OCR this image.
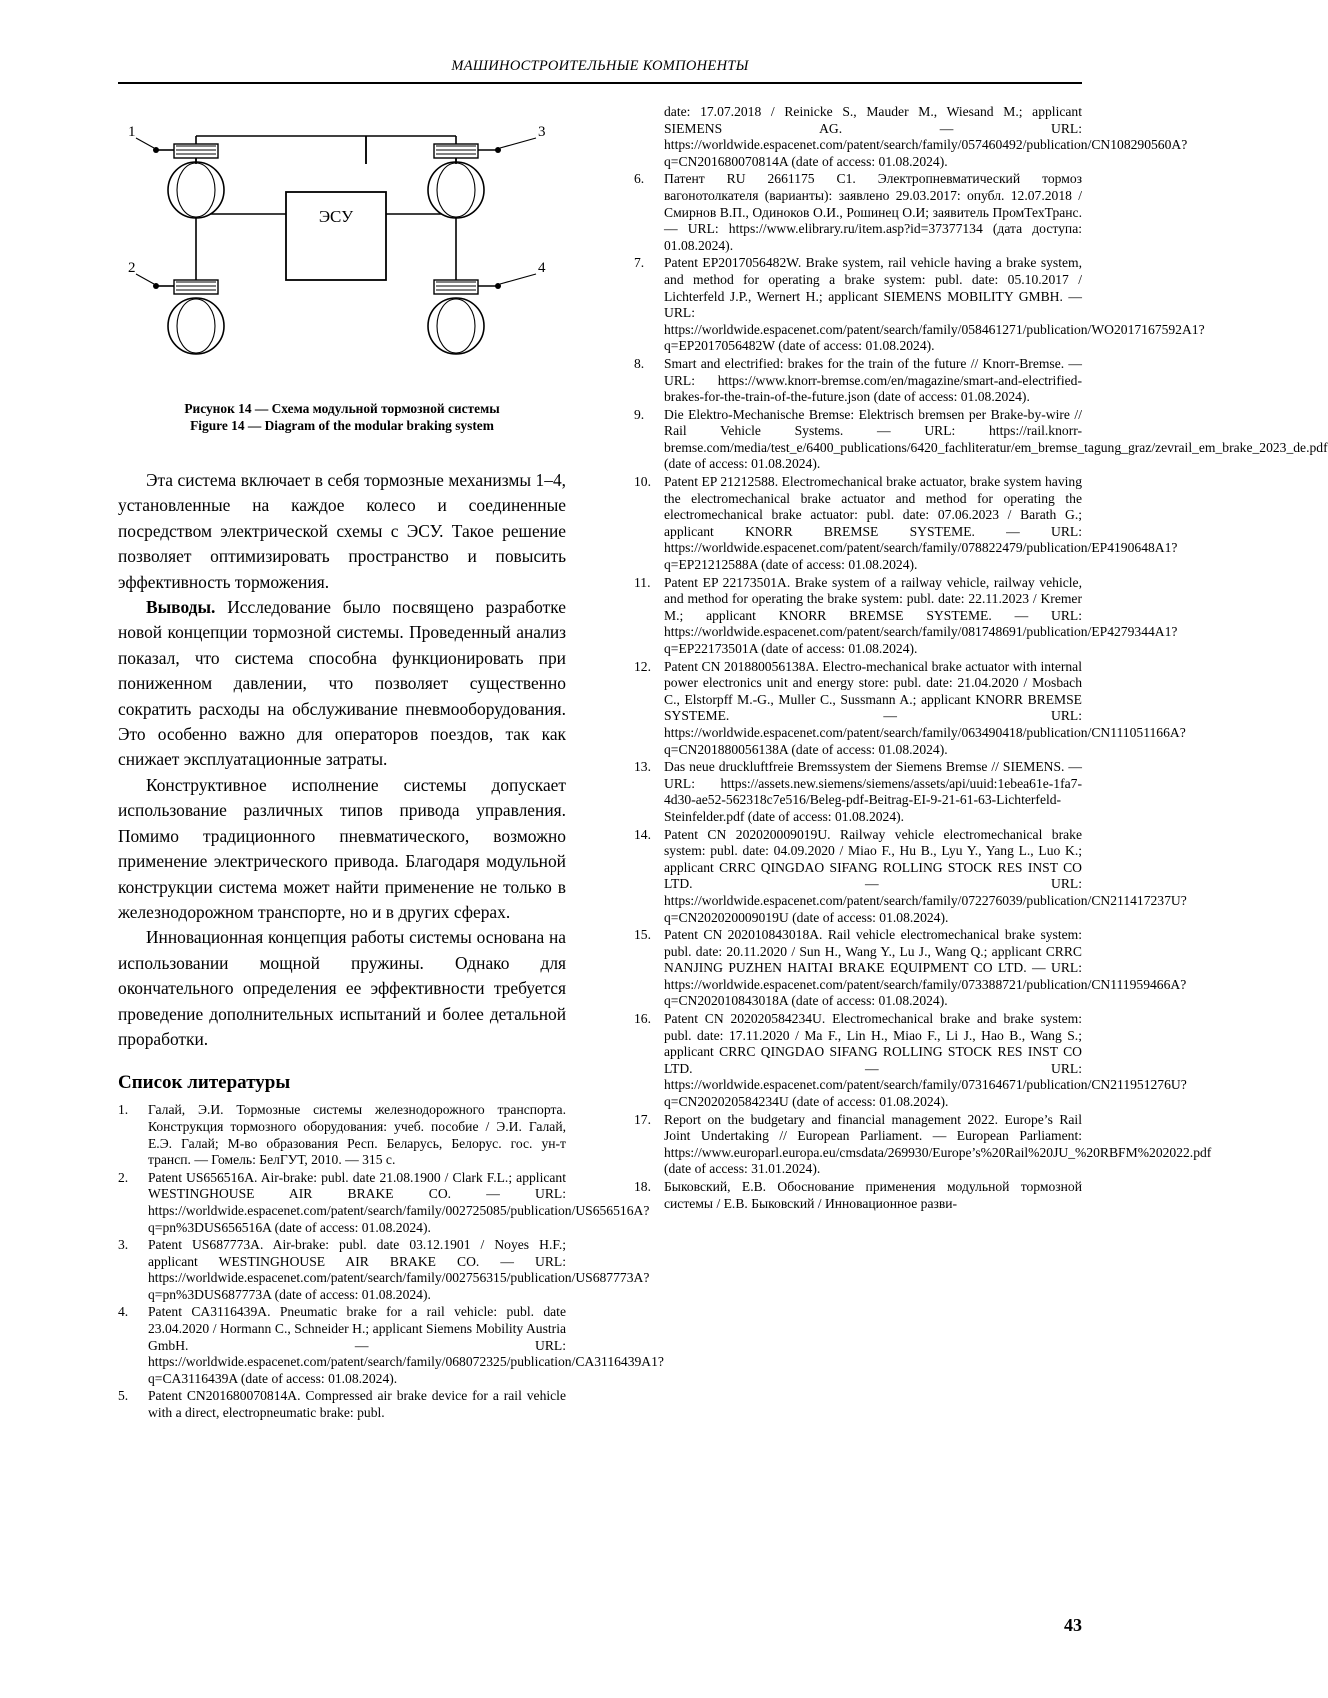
МАШИНОСТРОИТЕЛЬНЫЕ КОМПОНЕНТЫ
ЭСУ
1
2
3
4
Рисунок 14 — Схема модульной тормозной системы
Figure 14 — Diagram of the modular braking system

Эта система включает в себя тормозные механизмы 1–4, установленные на каждое колесо и соединенные посредством электрической схемы с ЭСУ. Такое решение позволяет оптимизировать пространство и повысить эффективность торможения.

Выводы. Исследование было посвящено разработке новой концепции тормозной системы. Проведенный анализ показал, что система способна функционировать при пониженном давлении, что позволяет существенно сократить расходы на обслуживание пневмооборудования. Это особенно важно для операторов поездов, так как снижает эксплуатационные затраты.

Конструктивное исполнение системы допускает использование различных типов привода управления. Помимо традиционного пневматического, возможно применение электрического привода. Благодаря модульной конструкции система может найти применение не только в железнодорожном транспорте, но и в других сферах.

Инновационная концепция работы системы основана на использовании мощной пружины. Однако для окончательного определения ее эффективности требуется проведение дополнительных испытаний и более детальной проработки.

Список литературы
1.	Галай, Э.И. Тормозные системы железнодорожного транспорта. Конструкция тормозного оборудования: учеб. пособие / Э.И. Галай, Е.Э. Галай; М-во образования Респ. Беларусь, Белорус. гос. ун-т трансп. — Гомель: БелГУТ, 2010. — 315 с.
2.	Patent US656516A. Air-brake: publ. date 21.08.1900 / Clark F.L.; applicant WESTINGHOUSE AIR BRAKE CO. — URL: https://worldwide.espacenet.com/patent/search/family/002725085/publication/US656516A?q=pn%3DUS656516A (date of access: 01.08.2024).
3.	Patent US687773A. Air-brake: publ. date 03.12.1901 / Noyes H.F.; applicant WESTINGHOUSE AIR BRAKE CO. — URL: https://worldwide.espacenet.com/patent/search/family/002756315/publication/US687773A?q=pn%3DUS687773A (date of access: 01.08.2024).
4.	Patent CA3116439A. Pneumatic brake for a rail vehicle: publ. date 23.04.2020 / Hormann C., Schneider H.; applicant Siemens Mobility Austria GmbH. — URL: https://worldwide.espacenet.com/patent/search/family/068072325/publication/CA3116439A1?q=CA3116439A (date of access: 01.08.2024).
5.	Patent CN201680070814A. Compressed air brake device for a rail vehicle with a direct, electropneumatic brake: publ.
date: 17.07.2018 / Reinicke S., Mauder M., Wiesand M.; applicant SIEMENS AG. — URL: https://worldwide.espacenet.com/patent/search/family/057460492/publication/CN108290560A?q=CN201680070814A (date of access: 01.08.2024).
6.	Патент RU 2661175 C1. Электропневматический тормоз вагонотолкателя (варианты): заявлено 29.03.2017: опубл. 12.07.2018 / Смирнов В.П., Одиноков О.И., Рошинец О.И; заявитель ПромТехТранс. — URL: https://www.elibrary.ru/item.asp?id=37377134 (дата доступа: 01.08.2024).
7.	Patent EP2017056482W. Brake system, rail vehicle having a brake system, and method for operating a brake system: publ. date: 05.10.2017 / Lichterfeld J.P., Wernert H.; applicant SIEMENS MOBILITY GMBH. — URL: https://worldwide.espacenet.com/patent/search/family/058461271/publication/WO2017167592A1?q=EP2017056482W (date of access: 01.08.2024).
8.	Smart and electrified: brakes for the train of the future // Knorr-Bremse. — URL: https://www.knorr-bremse.com/en/magazine/smart-and-electrified-brakes-for-the-train-of-the-future.json (date of access: 01.08.2024).
9.	Die Elektro-Mechanische Bremse: Elektrisch bremsen per Brake-by-wire // Rail Vehicle Systems. — URL: https://rail.knorr-bremse.com/media/test_e/6400_publications/6420_fachliteratur/em_bremse_tagung_graz/zevrail_em_brake_2023_de.pdf (date of access: 01.08.2024).
10. Patent EP 21212588. Electromechanical brake actuator, brake system having the electromechanical brake actuator and method for operating the electromechanical brake actuator: publ. date: 07.06.2023 / Barath G.; applicant KNORR BREMSE SYSTEME. — URL: https://worldwide.espacenet.com/patent/search/family/078822479/publication/EP4190648A1?q=EP21212588A (date of access: 01.08.2024).
11. Patent EP 22173501A. Brake system of a railway vehicle, railway vehicle, and method for operating the brake system: publ. date: 22.11.2023 / Kremer M.; applicant KNORR BREMSE SYSTEME. — URL: https://worldwide.espacenet.com/patent/search/family/081748691/publication/EP4279344A1?q=EP22173501A (date of access: 01.08.2024).
12. Patent CN 201880056138A. Electro-mechanical brake actuator with internal power electronics unit and energy store: publ. date: 21.04.2020 / Mosbach C., Elstorpff M.-G., Muller C., Sussmann A.; applicant KNORR BREMSE SYSTEME. — URL: https://worldwide.espacenet.com/patent/search/family/063490418/publication/CN111051166A?q=CN201880056138A (date of access: 01.08.2024).
13. Das neue druckluftfreie Bremssystem der Siemens Bremse // SIEMENS. — URL: https://assets.new.siemens/siemens/assets/api/uuid:1ebea61e-1fa7-4d30-ae52-562318c7e516/Beleg-pdf-Beitrag-EI-9-21-61-63-Lichterfeld-Steinfelder.pdf (date of access: 01.08.2024).
14. Patent CN 202020009019U. Railway vehicle electromechanical brake system: publ. date: 04.09.2020 / Miao F., Hu B., Lyu Y., Yang L., Luo K.; applicant CRRC QINGDAO SIFANG ROLLING STOCK RES INST CO LTD. — URL: https://worldwide.espacenet.com/patent/search/family/072276039/publication/CN211417237U?q=CN202020009019U (date of access: 01.08.2024).
15. Patent CN 202010843018A. Rail vehicle electromechanical brake system: publ. date: 20.11.2020 / Sun H., Wang Y., Lu J., Wang Q.; applicant CRRC NANJING PUZHEN HAITAI BRAKE EQUIPMENT CO LTD. — URL: https://worldwide.espacenet.com/patent/search/family/073388721/publication/CN111959466A?q=CN202010843018A (date of access: 01.08.2024).
16. Patent CN 202020584234U. Electromechanical brake and brake system: publ. date: 17.11.2020 / Ma F., Lin H., Miao F., Li J., Hao B., Wang S.; applicant CRRC QINGDAO SIFANG ROLLING STOCK RES INST CO LTD. — URL: https://worldwide.espacenet.com/patent/search/family/073164671/publication/CN211951276U?q=CN202020584234U (date of access: 01.08.2024).
17. Report on the budgetary and financial management 2022. Europe’s Rail Joint Undertaking // European Parliament. — European Parliament: https://www.europarl.europa.eu/cmsdata/269930/Europe’s%20Rail%20JU_%20RBFM%202022.pdf (date of access: 31.01.2024).
18. Быковский, Е.В. Обоснование применения модульной тормозной системы / Е.В. Быковский / Инновационное разви-
43
